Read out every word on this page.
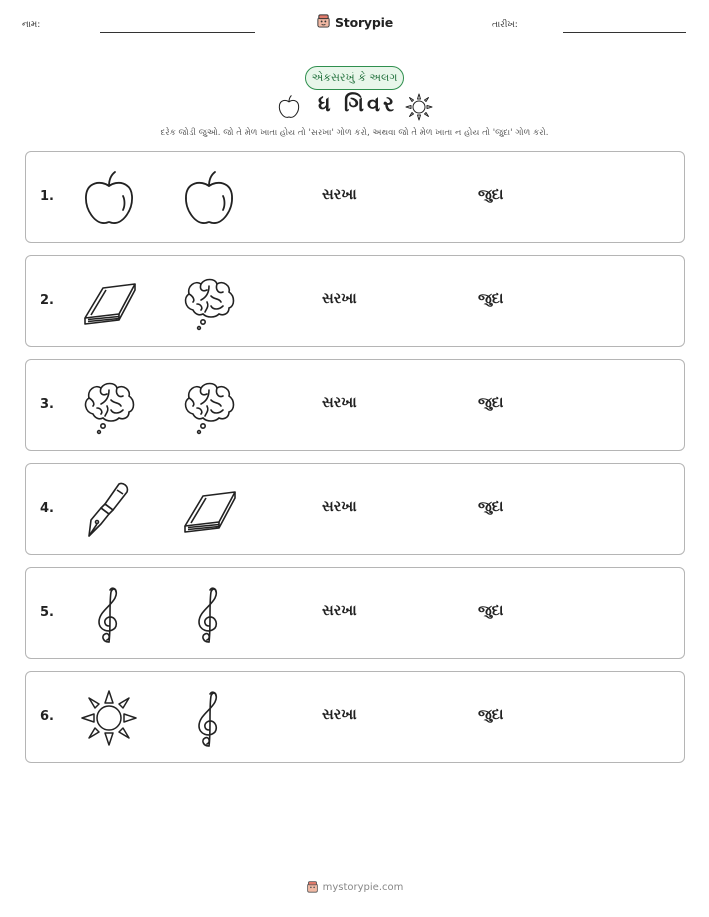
નામ:	Storypie	તારીખ:
એકસરખું કે અલગ
ધ ગિવર
દરેક જોડી જુઓ. જો તે મેળ ખાતા હોય તો 'સરખા' ગોળ કરો, અથવા જો તે મેળ ખાતા ન હોય તો 'જુદા' ગોળ કરો.
1.	સરખા	જુદા
2.	સરખા	જુદા
3.	સરખા	જુદા
4.	સરખા	જુદા
5.	સરખા	જુદા
6.	સરખા	જુદા
mystorypie.com
